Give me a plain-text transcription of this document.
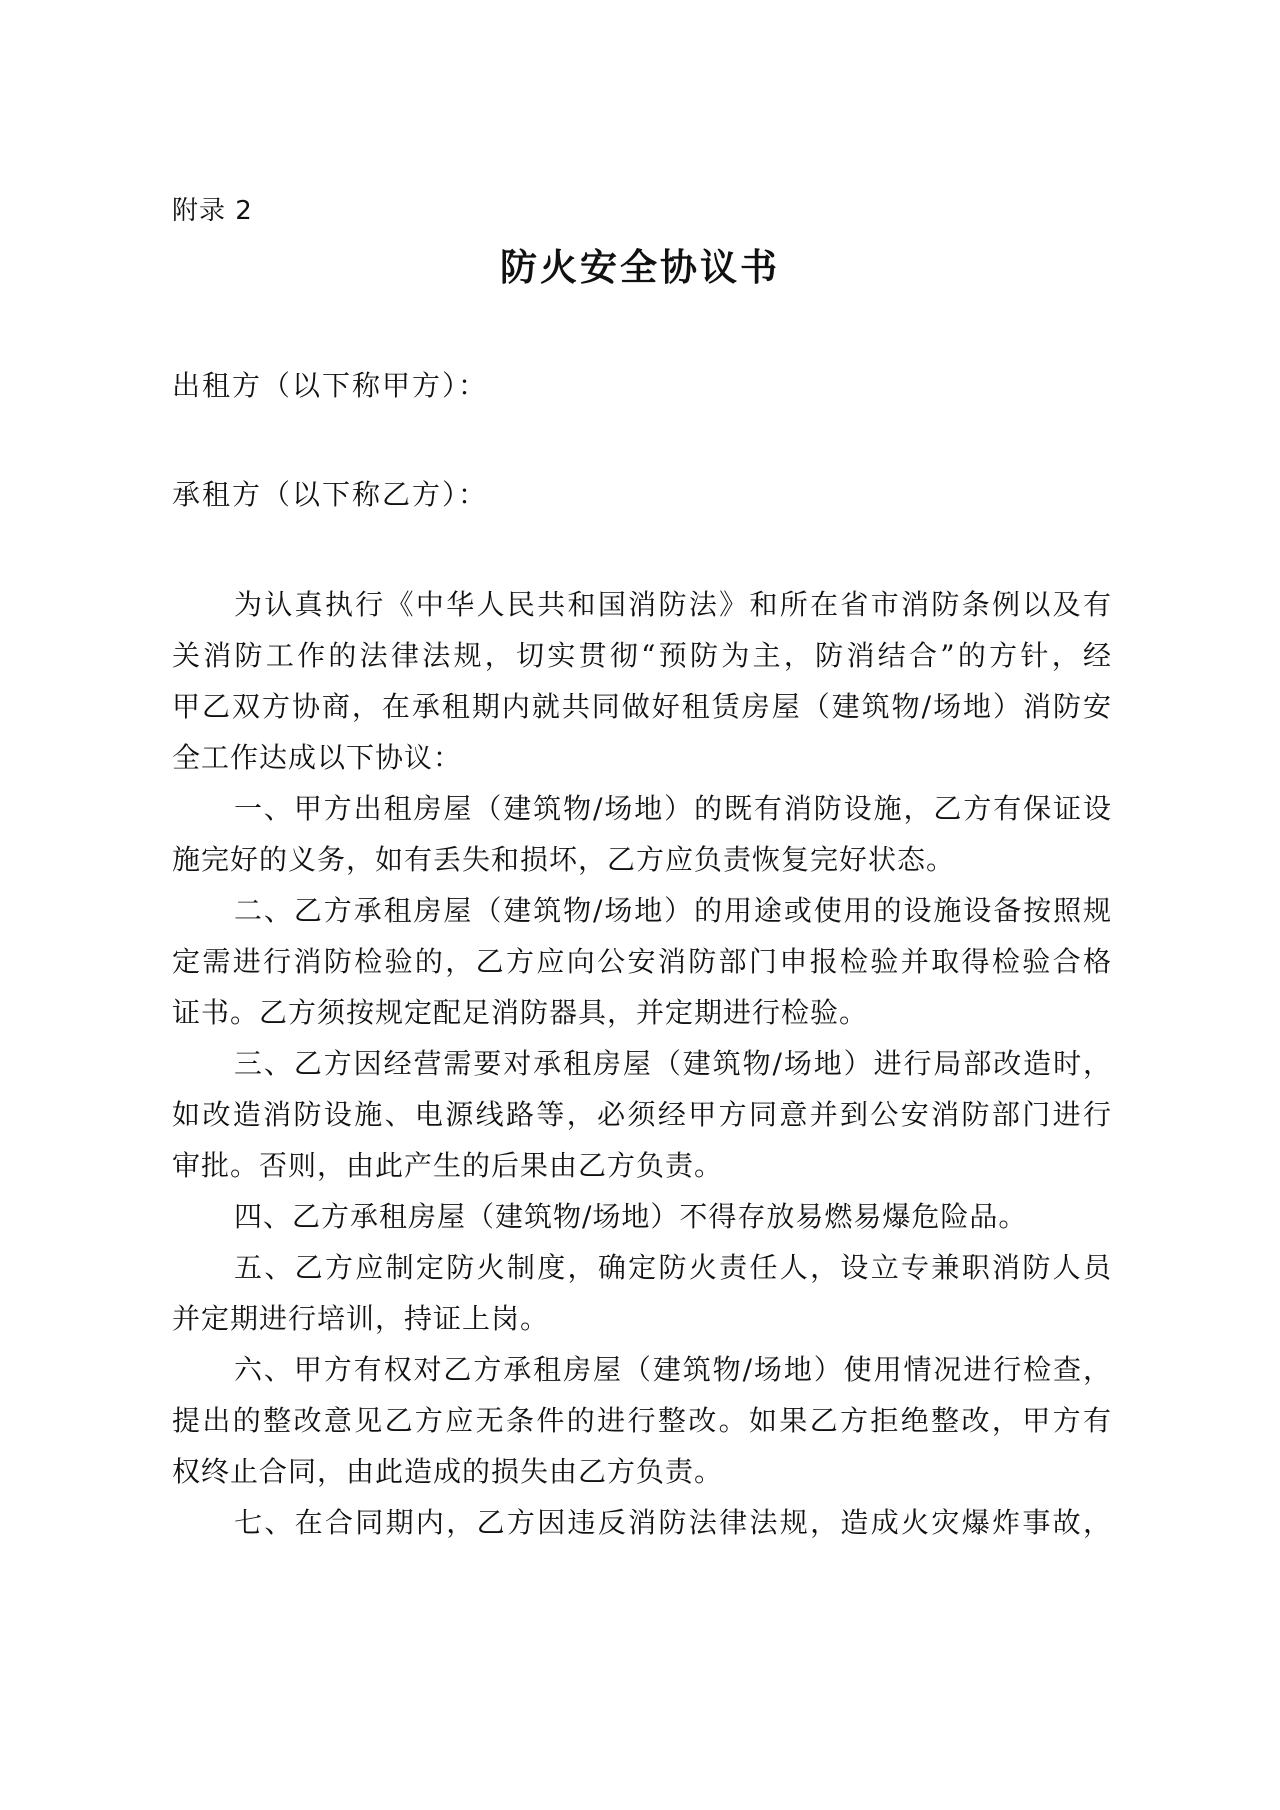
附录 2
防火安全协议书
出租方（以下称甲方）：
承租方（以下称乙方）：
为认真执行《中华人民共和国消防法》和所在省市消防条例以及有
关消防工作的法律法规，切实贯彻“预防为主，防消结合”的方针，经
甲乙双方协商，在承租期内就共同做好租赁房屋（建筑物/场地）消防安
全工作达成以下协议：
一、甲方出租房屋（建筑物/场地）的既有消防设施，乙方有保证设
施完好的义务，如有丢失和损坏，乙方应负责恢复完好状态。
二、乙方承租房屋（建筑物/场地）的用途或使用的设施设备按照规
定需进行消防检验的，乙方应向公安消防部门申报检验并取得检验合格
证书。乙方须按规定配足消防器具，并定期进行检验。
三、乙方因经营需要对承租房屋（建筑物/场地）进行局部改造时，
如改造消防设施、电源线路等，必须经甲方同意并到公安消防部门进行
审批。否则，由此产生的后果由乙方负责。
四、乙方承租房屋（建筑物/场地）不得存放易燃易爆危险品。
五、乙方应制定防火制度，确定防火责任人，设立专兼职消防人员
并定期进行培训，持证上岗。
六、甲方有权对乙方承租房屋（建筑物/场地）使用情况进行检查，
提出的整改意见乙方应无条件的进行整改。如果乙方拒绝整改，甲方有
权终止合同，由此造成的损失由乙方负责。
七、在合同期内，乙方因违反消防法律法规，造成火灾爆炸事故，
